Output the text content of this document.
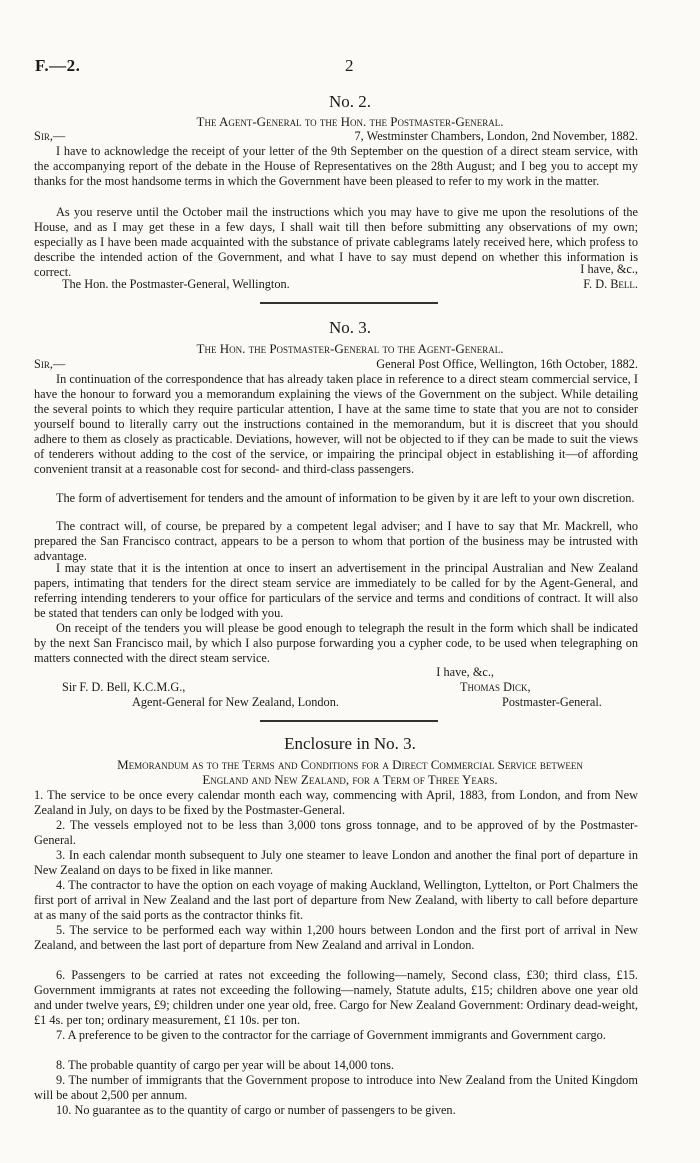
F.—2.	2
No. 2.
The Agent-General to the Hon. the Postmaster-General.
Sir,—	7, Westminster Chambers, London, 2nd November, 1882.
I have to acknowledge the receipt of your letter of the 9th September on the question of a direct steam service, with the accompanying report of the debate in the House of Representatives on the 28th August; and I beg you to accept my thanks for the most handsome terms in which the Government have been pleased to refer to my work in the matter.
As you reserve until the October mail the instructions which you may have to give me upon the resolutions of the House, and as I may get these in a few days, I shall wait till then before submitting any observations of my own; especially as I have been made acquainted with the substance of private cablegrams lately received here, which profess to describe the intended action of the Government, and what I have to say must depend on whether this information is correct.	I have, &c.,
The Hon. the Postmaster-General, Wellington.	F. D. Bell.
No. 3.
The Hon. the Postmaster-General to the Agent-General.
Sir,—	General Post Office, Wellington, 16th October, 1882.
In continuation of the correspondence that has already taken place in reference to a direct steam commercial service, I have the honour to forward you a memorandum explaining the views of the Government on the subject. While detailing the several points to which they require particular attention, I have at the same time to state that you are not to consider yourself bound to literally carry out the instructions contained in the memorandum, but it is discreet that you should adhere to them as closely as practicable. Deviations, however, will not be objected to if they can be made to suit the views of tenderers without adding to the cost of the service, or impairing the principal object in establishing it—of affording convenient transit at a reasonable cost for second- and third-class passengers.
The form of advertisement for tenders and the amount of information to be given by it are left to your own discretion.
The contract will, of course, be prepared by a competent legal adviser; and I have to say that Mr. Mackrell, who prepared the San Francisco contract, appears to be a person to whom that portion of the business may be intrusted with advantage.
I may state that it is the intention at once to insert an advertisement in the principal Australian and New Zealand papers, intimating that tenders for the direct steam service are immediately to be called for by the Agent-General, and referring intending tenderers to your office for particulars of the service and terms and conditions of contract. It will also be stated that tenders can only be lodged with you.
On receipt of the tenders you will please be good enough to telegraph the result in the form which shall be indicated by the next San Francisco mail, by which I also purpose forwarding you a cypher code, to be used when telegraphing on matters connected with the direct steam service.
I have, &c.,
Sir F. D. Bell, K.C.M.G.,
Agent-General for New Zealand, London.
Thomas Dick,
Postmaster-General.
Enclosure in No. 3.
Memorandum as to the Terms and Conditions for a Direct Commercial Service between
England and New Zealand, for a Term of Three Years.
1. The service to be once every calendar month each way, commencing with April, 1883, from London, and from New Zealand in July, on days to be fixed by the Postmaster-General.
2. The vessels employed not to be less than 3,000 tons gross tonnage, and to be approved of by the Postmaster-General.
3. In each calendar month subsequent to July one steamer to leave London and another the final port of departure in New Zealand on days to be fixed in like manner.
4. The contractor to have the option on each voyage of making Auckland, Wellington, Lyttelton, or Port Chalmers the first port of arrival in New Zealand and the last port of departure from New Zealand, with liberty to call before departure at as many of the said ports as the contractor thinks fit.
5. The service to be performed each way within 1,200 hours between London and the first port of arrival in New Zealand, and between the last port of departure from New Zealand and arrival in London.
6. Passengers to be carried at rates not exceeding the following—namely, Second class, £30; third class, £15. Government immigrants at rates not exceeding the following—namely, Statute adults, £15; children above one year old and under twelve years, £9; children under one year old, free. Cargo for New Zealand Government: Ordinary dead-weight, £1 4s. per ton; ordinary measurement, £1 10s. per ton.
7. A preference to be given to the contractor for the carriage of Government immigrants and Government cargo.
8. The probable quantity of cargo per year will be about 14,000 tons.
9. The number of immigrants that the Government propose to introduce into New Zealand from the United Kingdom will be about 2,500 per annum.
10. No guarantee as to the quantity of cargo or number of passengers to be given.
